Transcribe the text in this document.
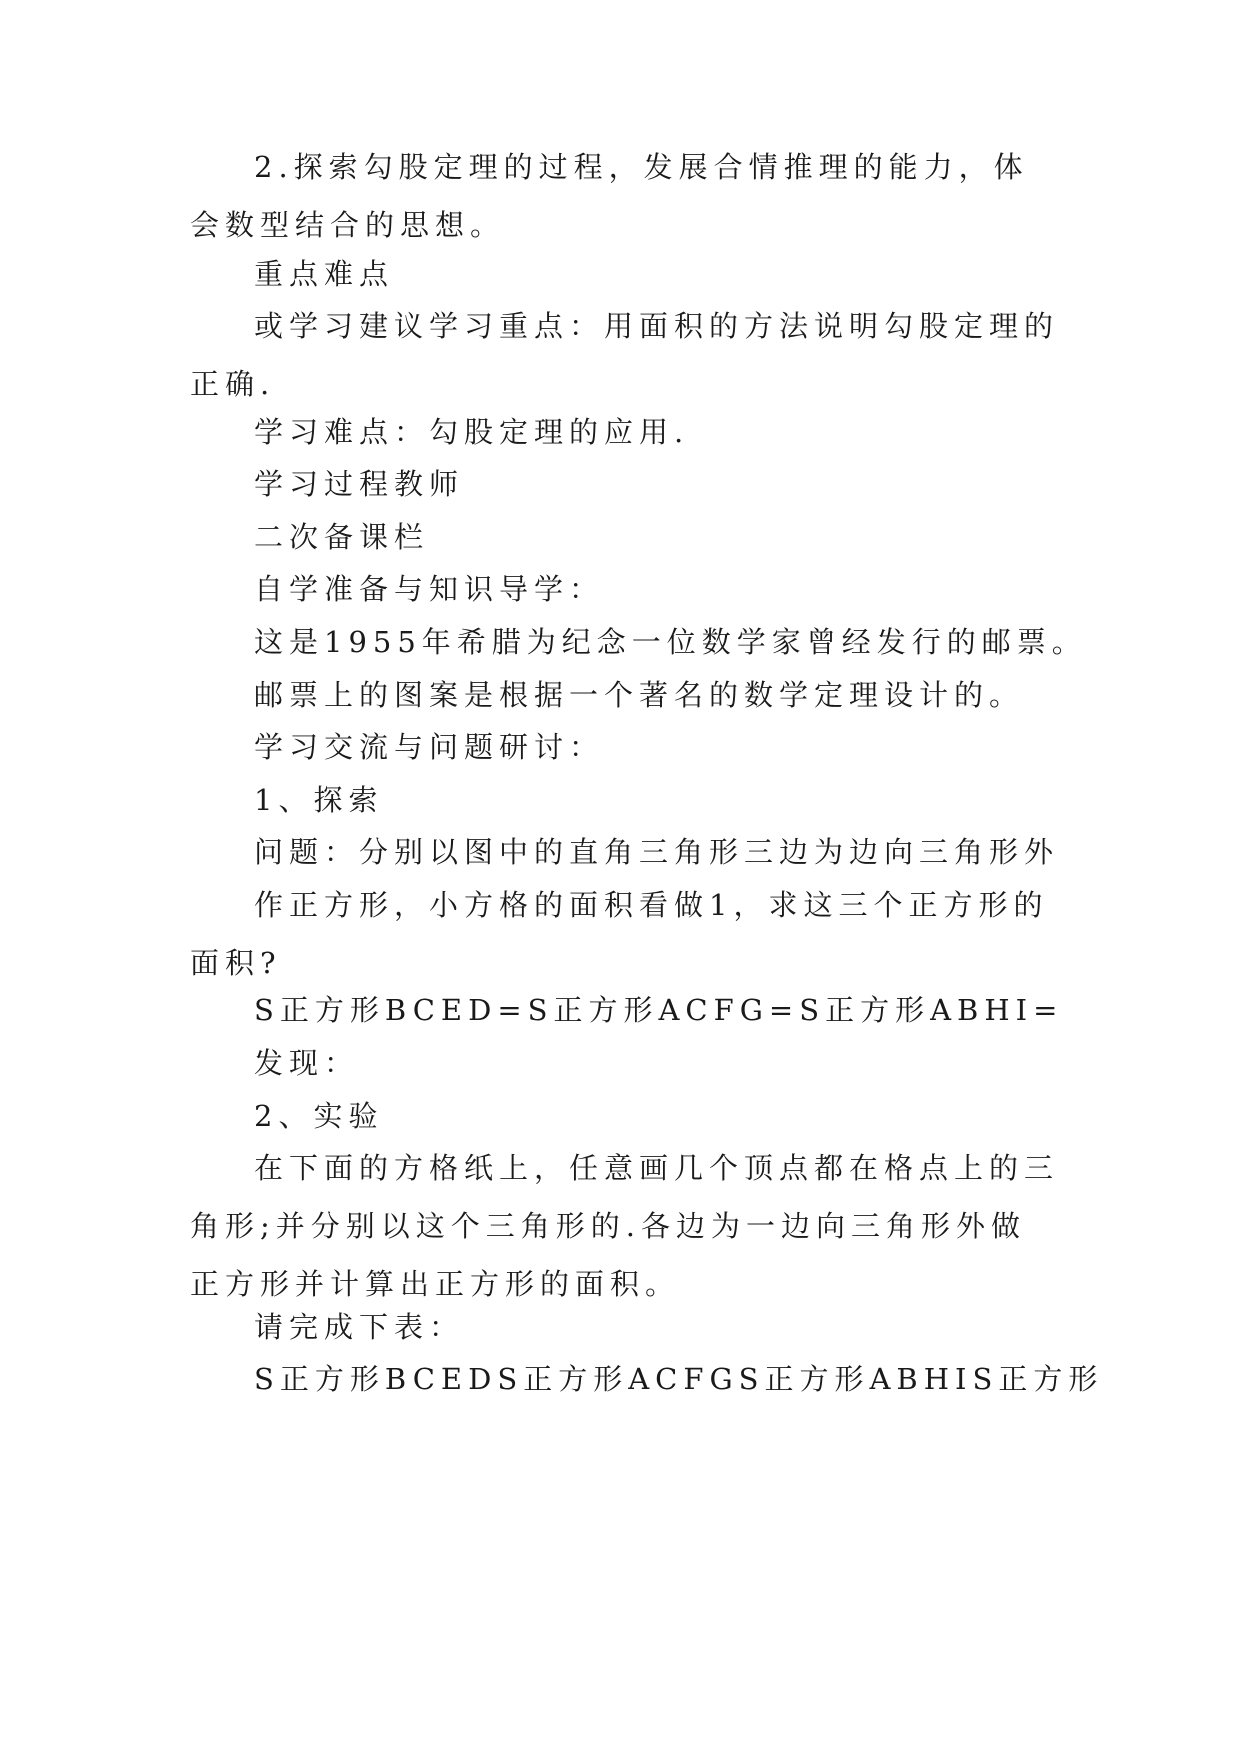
2.探索勾股定理的过程，发展合情推理的能力，体会数型结合的思想。

重点难点

或学习建议学习重点：用面积的方法说明勾股定理的正确.

学习难点：勾股定理的应用.

学习过程教师

二次备课栏

自学准备与知识导学：

这是1955年希腊为纪念一位数学家曾经发行的邮票。

邮票上的图案是根据一个著名的数学定理设计的。

学习交流与问题研讨：

1、探索

问题：分别以图中的直角三角形三边为边向三角形外

作正方形，小方格的面积看做1，求这三个正方形的面积?

S正方形BCED=S正方形ACFG=S正方形ABHI=

发现：

2、实验

在下面的方格纸上，任意画几个顶点都在格点上的三角形;并分别以这个三角形的.各边为一边向三角形外做正方形并计算出正方形的面积。

请完成下表：

S正方形BCEDS正方形ACFGS正方形ABHIS正方形
